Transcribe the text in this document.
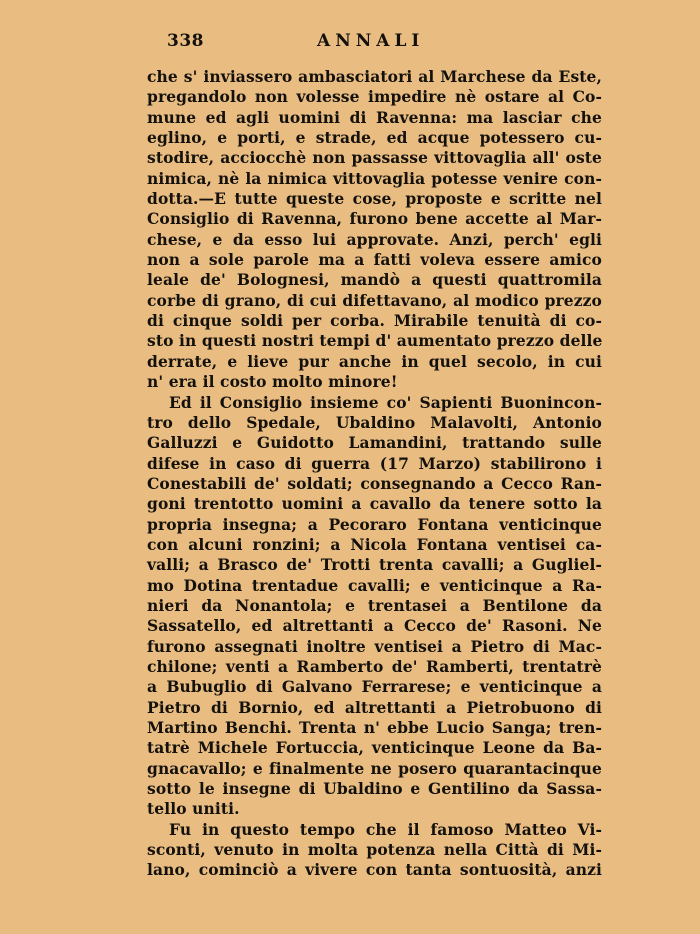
338	ANNALI
che s' inviassero ambasciatori al Marchese da Este,
pregandolo non volesse impedire nè ostare al Co-
mune ed agli uomini di Ravenna: ma lasciar che
eglino, e porti, e strade, ed acque potessero cu-
stodire, acciocchè non passasse vittovaglia all' oste
nimica, nè la nimica vittovaglia potesse venire con-
dotta.—E tutte queste cose, proposte e scritte nel
Consiglio di Ravenna, furono bene accette al Mar-
chese, e da esso lui approvate. Anzi, perch' egli
non a sole parole ma a fatti voleva essere amico
leale de' Bolognesi, mandò a questi quattromila
corbe di grano, di cui difettavano, al modico prezzo
di cinque soldi per corba. Mirabile tenuità di co-
sto in questi nostri tempi d' aumentato prezzo delle
derrate, e lieve pur anche in quel secolo, in cui
n' era il costo molto minore!
Ed il Consiglio insieme co' Sapienti Buonincon-
tro dello Spedale, Ubaldino Malavolti, Antonio
Galluzzi e Guidotto Lamandini, trattando sulle
difese in caso di guerra (17 Marzo) stabilirono i
Conestabili de' soldati; consegnando a Cecco Ran-
goni trentotto uomini a cavallo da tenere sotto la
propria insegna; a Pecoraro Fontana venticinque
con alcuni ronzini; a Nicola Fontana ventisei ca-
valli; a Brasco de' Trotti trenta cavalli; a Gugliel-
mo Dotina trentadue cavalli; e venticinque a Ra-
nieri da Nonantola; e trentasei a Bentilone da
Sassatello, ed altrettanti a Cecco de' Rasoni. Ne
furono assegnati inoltre ventisei a Pietro di Mac-
chilone; venti a Ramberto de' Ramberti, trentatrè
a Bubuglio di Galvano Ferrarese; e venticinque a
Pietro di Bornio, ed altrettanti a Pietrobuono di
Martino Benchi. Trenta n' ebbe Lucio Sanga; tren-
tatrè Michele Fortuccia, venticinque Leone da Ba-
gnacavallo; e finalmente ne posero quarantacinque
sotto le insegne di Ubaldino e Gentilino da Sassa-
tello uniti.
Fu in questo tempo che il famoso Matteo Vi-
sconti, venuto in molta potenza nella Città di Mi-
lano, cominciò a vivere con tanta sontuosità, anzi
